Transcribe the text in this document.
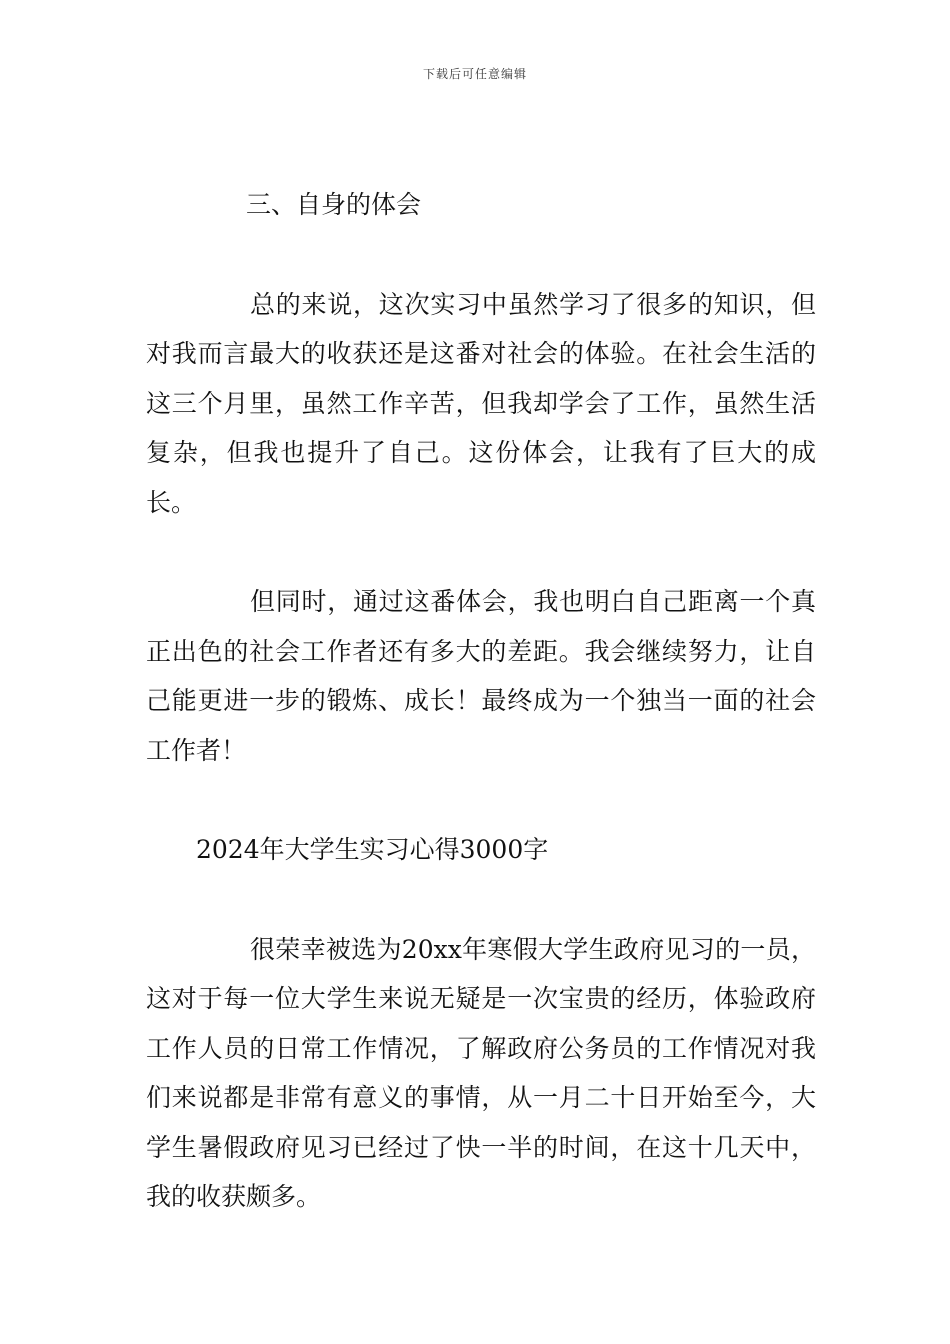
下载后可任意编辑

三、自身的体会

总的来说，这次实习中虽然学习了很多的知识，但对我而言最大的收获还是这番对社会的体验。在社会生活的这三个月里，虽然工作辛苦，但我却学会了工作，虽然生活复杂，但我也提升了自己。这份体会，让我有了巨大的成长。

但同时，通过这番体会，我也明白自己距离一个真正出色的社会工作者还有多大的差距。我会继续努力，让自己能更进一步的锻炼、成长！最终成为一个独当一面的社会工作者！

2024年大学生实习心得3000字

很荣幸被选为20xx年寒假大学生政府见习的一员，这对于每一位大学生来说无疑是一次宝贵的经历，体验政府工作人员的日常工作情况，了解政府公务员的工作情况对我们来说都是非常有意义的事情，从一月二十日开始至今，大学生暑假政府见习已经过了快一半的时间，在这十几天中，我的收获颇多。
